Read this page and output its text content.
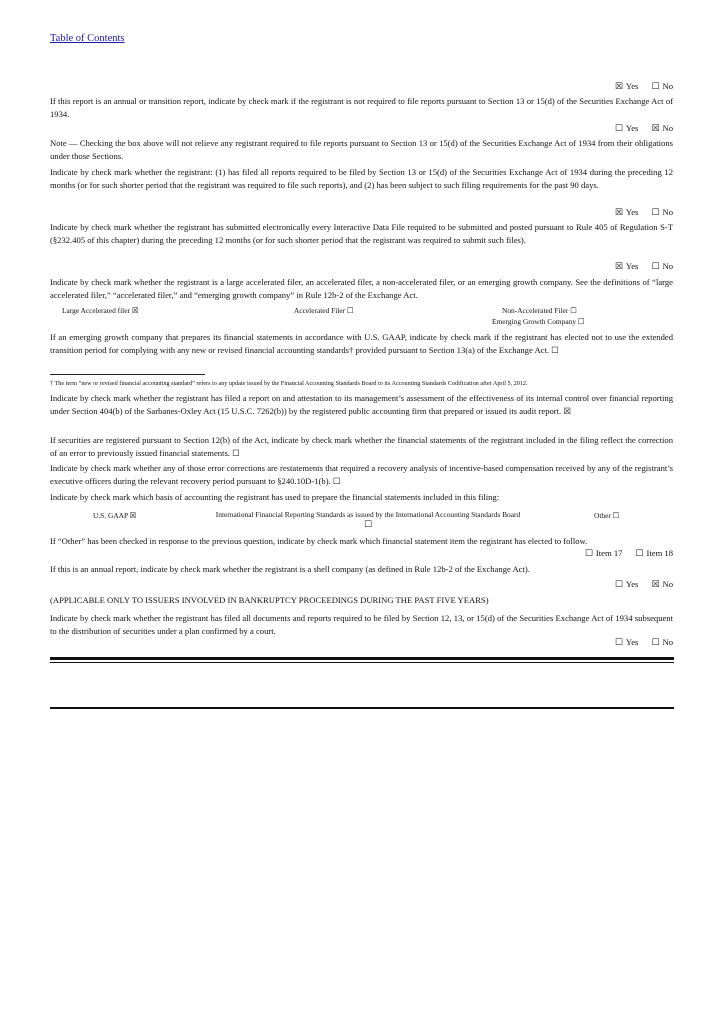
Table of Contents
☒ Yes ☐ No
If this report is an annual or transition report, indicate by check mark if the registrant is not required to file reports pursuant to Section 13 or 15(d) of the Securities Exchange Act of 1934.
☐ Yes ☒ No
Note — Checking the box above will not relieve any registrant required to file reports pursuant to Section 13 or 15(d) of the Securities Exchange Act of 1934 from their obligations under those Sections.
Indicate by check mark whether the registrant: (1) has filed all reports required to be filed by Section 13 or 15(d) of the Securities Exchange Act of 1934 during the preceding 12 months (or for such shorter period that the registrant was required to file such reports), and (2) has been subject to such filing requirements for the past 90 days.
☒ Yes ☐ No
Indicate by check mark whether the registrant has submitted electronically every Interactive Data File required to be submitted and posted pursuant to Rule 405 of Regulation S-T (§232.405 of this chapter) during the preceding 12 months (or for such shorter period that the registrant was required to submit such files).
☒ Yes ☐ No
Indicate by check mark whether the registrant is a large accelerated filer, an accelerated filer, a non-accelerated filer, or an emerging growth company. See the definitions of “large accelerated filer,” “accelerated filer,” and “emerging growth company” in Rule 12b-2 of the Exchange Act.
Large Accelerated filer ☒	Accelerated Filer ☐	Non-Accelerated Filer ☐
Emerging Growth Company ☐
If an emerging growth company that prepares its financial statements in accordance with U.S. GAAP, indicate by check mark if the registrant has elected not to use the extended transition period for complying with any new or revised financial accounting standards† provided pursuant to Section 13(a) of the Exchange Act. ☐
† The term “new or revised financial accounting standard” refers to any update issued by the Financial Accounting Standards Board to its Accounting Standards Codification after April 5, 2012.
Indicate by check mark whether the registrant has filed a report on and attestation to its management’s assessment of the effectiveness of its internal control over financial reporting under Section 404(b) of the Sarbanes-Oxley Act (15 U.S.C. 7262(b)) by the registered public accounting firm that prepared or issued its audit report. ☒
If securities are registered pursuant to Section 12(b) of the Act, indicate by check mark whether the financial statements of the registrant included in the filing reflect the correction of an error to previously issued financial statements. ☐
Indicate by check mark whether any of those error corrections are restatements that required a recovery analysis of incentive-based compensation received by any of the registrant’s executive officers during the relevant recovery period pursuant to §240.10D-1(b). ☐
Indicate by check mark which basis of accounting the registrant has used to prepare the financial statements included in this filing:
U.S. GAAP ☒	International Financial Reporting Standards as issued by the International Accounting Standards Board
☐
Other ☐
If “Other” has been checked in response to the previous question, indicate by check mark which financial statement item the registrant has elected to follow.
☐ Item 17 ☐ Item 18
If this is an annual report, indicate by check mark whether the registrant is a shell company (as defined in Rule 12b-2 of the Exchange Act).
☐ Yes ☒ No
(APPLICABLE ONLY TO ISSUERS INVOLVED IN BANKRUPTCY PROCEEDINGS DURING THE PAST FIVE YEARS)
Indicate by check mark whether the registrant has filed all documents and reports required to be filed by Section 12, 13, or 15(d) of the Securities Exchange Act of 1934 subsequent to the distribution of securities under a plan confirmed by a court.
☐ Yes ☐ No
